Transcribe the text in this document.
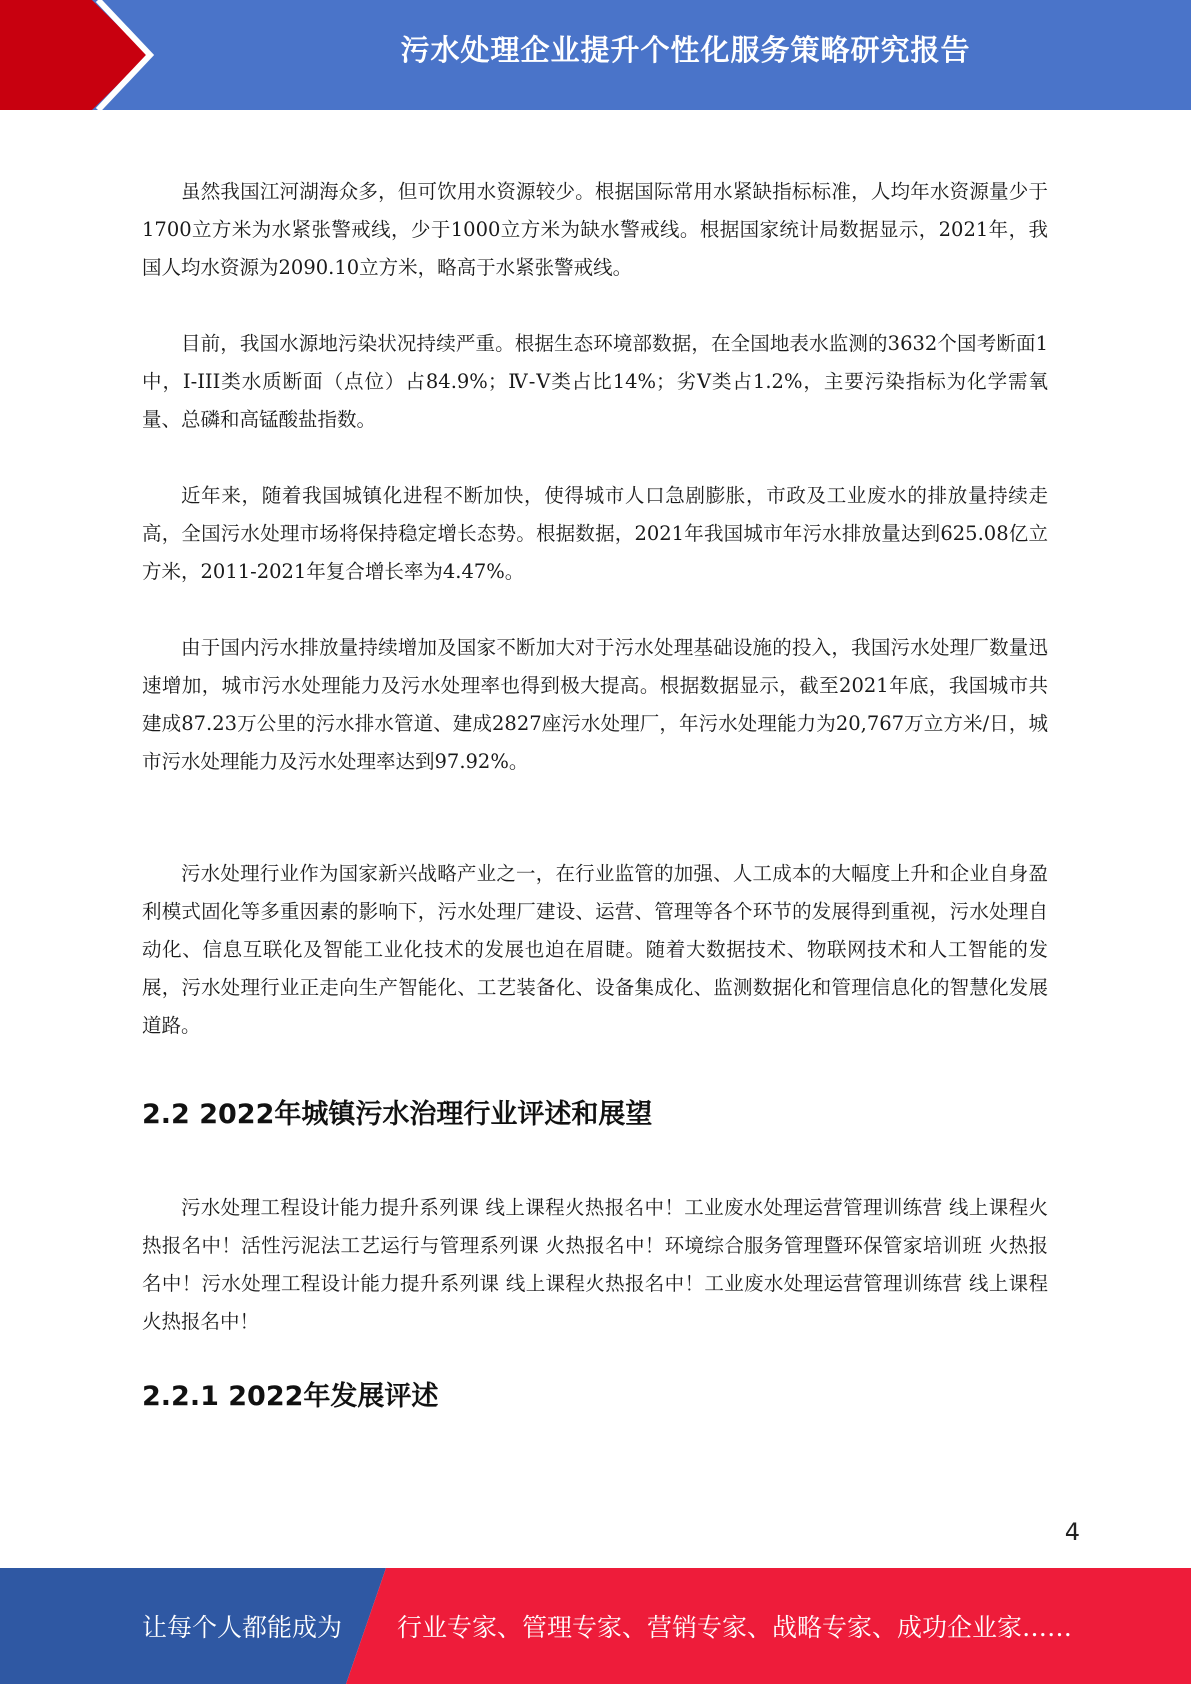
污水处理企业提升个性化服务策略研究报告

虽然我国江河湖海众多，但可饮用水资源较少。根据国际常用水紧缺指标标准，人均年水资源量少于1700立方米为水紧张警戒线，少于1000立方米为缺水警戒线。根据国家统计局数据显示，2021年，我国人均水资源为2090.10立方米，略高于水紧张警戒线。

目前，我国水源地污染状况持续严重。根据生态环境部数据，在全国地表水监测的3632个国考断面1中，I-III类水质断面（点位）占84.9%；Ⅳ-Ⅴ类占比14%；劣Ⅴ类占1.2%，主要污染指标为化学需氧量、总磷和高锰酸盐指数。

近年来，随着我国城镇化进程不断加快，使得城市人口急剧膨胀，市政及工业废水的排放量持续走高，全国污水处理市场将保持稳定增长态势。根据数据，2021年我国城市年污水排放量达到625.08亿立方米，2011-2021年复合增长率为4.47%。

由于国内污水排放量持续增加及国家不断加大对于污水处理基础设施的投入，我国污水处理厂数量迅速增加，城市污水处理能力及污水处理率也得到极大提高。根据数据显示，截至2021年底，我国城市共建成87.23万公里的污水排水管道、建成2827座污水处理厂，年污水处理能力为20,767万立方米/日，城市污水处理能力及污水处理率达到97.92%。

污水处理行业作为国家新兴战略产业之一，在行业监管的加强、人工成本的大幅度上升和企业自身盈利模式固化等多重因素的影响下，污水处理厂建设、运营、管理等各个环节的发展得到重视，污水处理自动化、信息互联化及智能工业化技术的发展也迫在眉睫。随着大数据技术、物联网技术和人工智能的发展，污水处理行业正走向生产智能化、工艺装备化、设备集成化、监测数据化和管理信息化的智慧化发展道路。

2.2 2022年城镇污水治理行业评述和展望

污水处理工程设计能力提升系列课 线上课程火热报名中！工业废水处理运营管理训练营 线上课程火热报名中！活性污泥法工艺运行与管理系列课 火热报名中！环境综合服务管理暨环保管家培训班 火热报名中！污水处理工程设计能力提升系列课 线上课程火热报名中！工业废水处理运营管理训练营 线上课程火热报名中！

2.2.1 2022年发展评述
4
让每个人都能成为 行业专家、管理专家、营销专家、战略专家、成功企业家……
